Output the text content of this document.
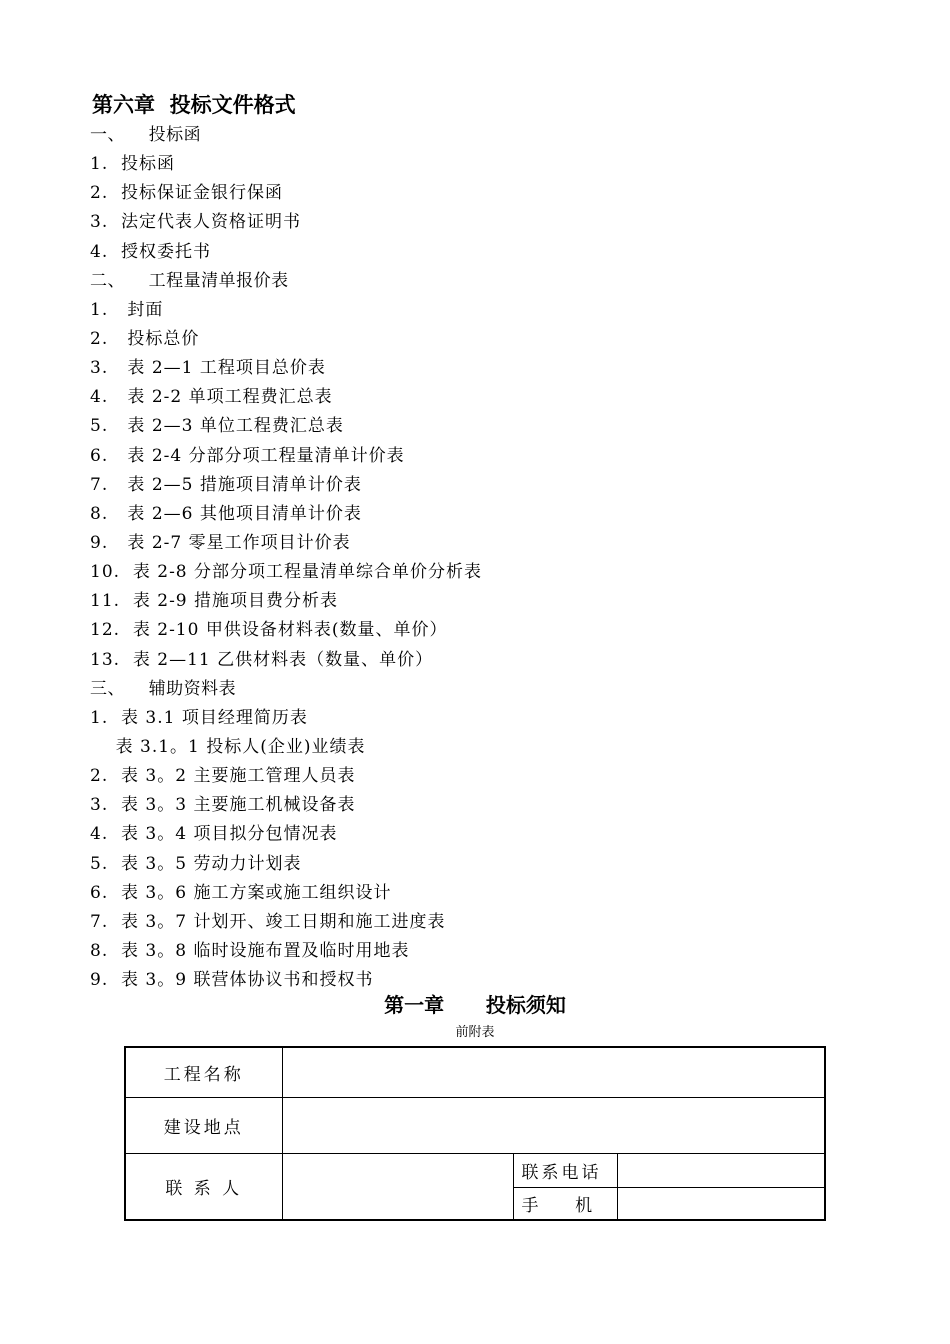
第六章  投标文件格式
一、    投标函
1.  投标函
2.  投标保证金银行保函
3.  法定代表人资格证明书
4.  授权委托书
二、    工程量清单报价表
1.   封面
2.   投标总价
3.   表 2—1 工程项目总价表
4.   表 2-2 单项工程费汇总表
5.   表 2—3 单位工程费汇总表
6.   表 2-4 分部分项工程量清单计价表
7.   表 2—5 措施项目清单计价表
8.   表 2—6 其他项目清单计价表
9.   表 2-7 零星工作项目计价表
10.  表 2-8 分部分项工程量清单综合单价分析表
11.  表 2-9 措施项目费分析表
12.  表 2-10 甲供设备材料表(数量、单价）
13.  表 2—11 乙供材料表（数量、单价）
三、    辅助资料表
1.  表 3.1 项目经理简历表
表 3.1。1 投标人(企业)业绩表
2.  表 3。2 主要施工管理人员表
3.  表 3。3 主要施工机械设备表
4.  表 3。4 项目拟分包情况表
5.  表 3。5 劳动力计划表
6.  表 3。6 施工方案或施工组织设计
7.  表 3。7 计划开、竣工日期和施工进度表
8.  表 3。8 临时设施布置及临时用地表
9.  表 3。9 联营体协议书和授权书
第一章      投标须知
前附表
工程名称			
建设地点			
联 系 人		联系电话	
		手    机	
